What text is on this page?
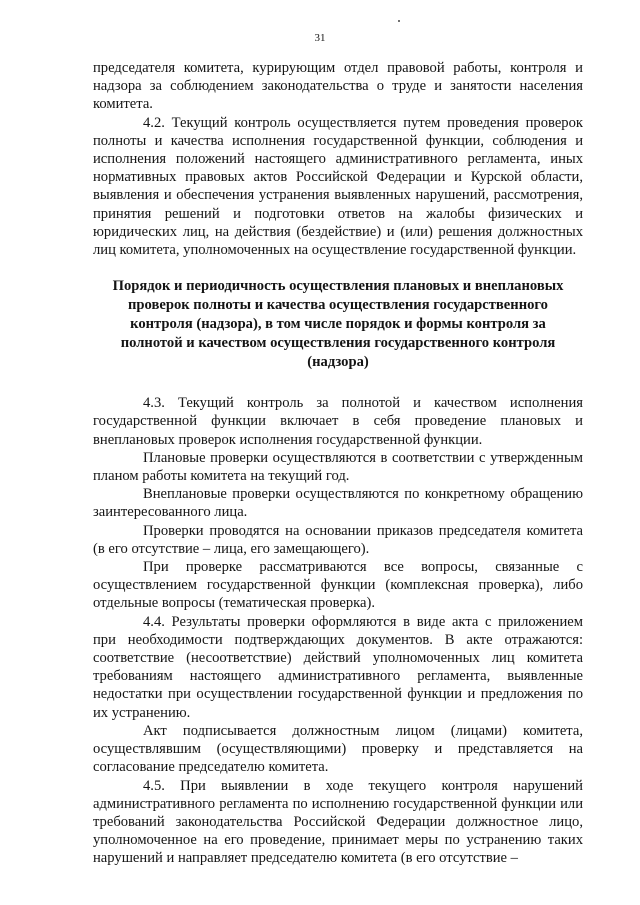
31

председателя комитета, курирующим отдел правовой работы, контроля и надзора за соблюдением законодательства о труде и занятости населения комитета.

4.2. Текущий контроль осуществляется путем проведения проверок полноты и качества исполнения государственной функции, соблюдения и исполнения положений настоящего административного регламента, иных нормативных правовых актов Российской Федерации и Курской области, выявления и обеспечения устранения выявленных нарушений, рассмотрения, принятия решений и подготовки ответов на жалобы физических и юридических лиц, на действия (бездействие) и (или) решения должностных лиц комитета, уполномоченных на осуществление государственной функции.

Порядок и периодичность осуществления плановых и внеплановых проверок полноты и качества осуществления государственного контроля (надзора), в том числе порядок и формы контроля за полнотой и качеством осуществления государственного контроля (надзора)

4.3. Текущий контроль за полнотой и качеством исполнения государственной функции включает в себя проведение плановых и внеплановых проверок исполнения государственной функции.

Плановые проверки осуществляются в соответствии с утвержденным планом работы комитета на текущий год.

Внеплановые проверки осуществляются по конкретному обращению заинтересованного лица.

Проверки проводятся на основании приказов председателя комитета (в его отсутствие – лица, его замещающего).

При проверке рассматриваются все вопросы, связанные с осуществлением государственной функции (комплексная проверка), либо отдельные вопросы (тематическая проверка).

4.4. Результаты проверки оформляются в виде акта с приложением при необходимости подтверждающих документов. В акте отражаются: соответствие (несоответствие) действий уполномоченных лиц комитета требованиям настоящего административного регламента, выявленные недостатки при осуществлении государственной функции и предложения по их устранению.

Акт подписывается должностным лицом (лицами) комитета, осуществлявшим (осуществляющими) проверку и представляется на согласование председателю комитета.

4.5. При выявлении в ходе текущего контроля нарушений административного регламента по исполнению государственной функции или требований законодательства Российской Федерации должностное лицо, уполномоченное на его проведение, принимает меры по устранению таких нарушений и направляет председателю комитета (в его отсутствие –
